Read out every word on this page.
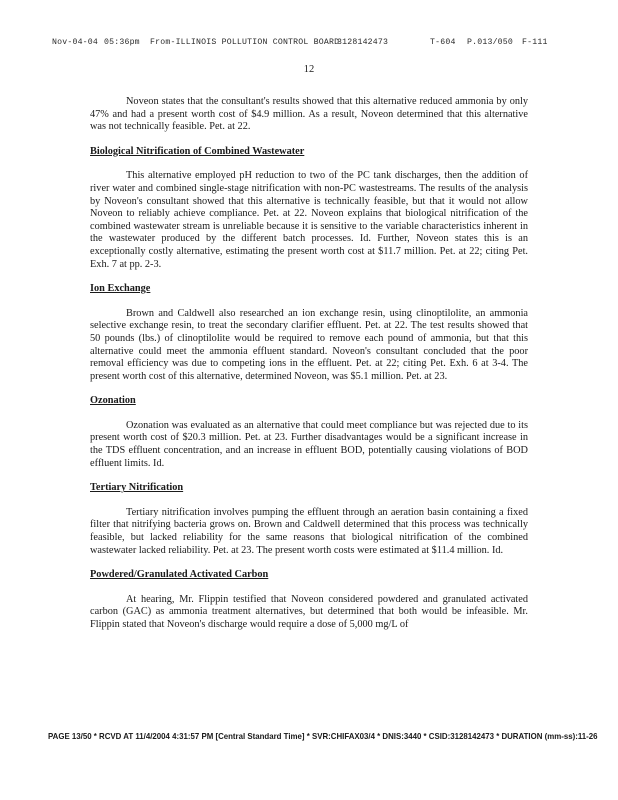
Nov-04-04 05:36pm From-ILLINOIS POLLUTION CONTROL BOARD
3128142473	T-604 P.013/050 F-111
12

Noveon states that the consultant's results showed that this alternative reduced ammonia by only 47% and had a present worth cost of $4.9 million. As a result, Noveon determined that this alternative was not technically feasible. Pet. at 22.

Biological Nitrification of Combined Wastewater

This alternative employed pH reduction to two of the PC tank discharges, then the addition of river water and combined single-stage nitrification with non-PC wastestreams. The results of the analysis by Noveon's consultant showed that this alternative is technically feasible, but that it would not allow Noveon to reliably achieve compliance. Pet. at 22. Noveon explains that biological nitrification of the combined wastewater stream is unreliable because it is sensitive to the variable characteristics inherent in the wastewater produced by the different batch processes. Id. Further, Noveon states this is an exceptionally costly alternative, estimating the present worth cost at $11.7 million. Pet. at 22; citing Pet. Exh. 7 at pp. 2-3.

Ion Exchange

Brown and Caldwell also researched an ion exchange resin, using clinoptilolite, an ammonia selective exchange resin, to treat the secondary clarifier effluent. Pet. at 22. The test results showed that 50 pounds (lbs.) of clinoptilolite would be required to remove each pound of ammonia, but that this alternative could meet the ammonia effluent standard. Noveon's consultant concluded that the poor removal efficiency was due to competing ions in the effluent. Pet. at 22; citing Pet. Exh. 6 at 3-4. The present worth cost of this alternative, determined Noveon, was $5.1 million. Pet. at 23.

Ozonation

Ozonation was evaluated as an alternative that could meet compliance but was rejected due to its present worth cost of $20.3 million. Pet. at 23. Further disadvantages would be a significant increase in the TDS effluent concentration, and an increase in effluent BOD, potentially causing violations of BOD effluent limits. Id.

Tertiary Nitrification

Tertiary nitrification involves pumping the effluent through an aeration basin containing a fixed filter that nitrifying bacteria grows on. Brown and Caldwell determined that this process was technically feasible, but lacked reliability for the same reasons that biological nitrification of the combined wastewater lacked reliability. Pet. at 23. The present worth costs were estimated at $11.4 million. Id.

Powdered/Granulated Activated Carbon

At hearing, Mr. Flippin testified that Noveon considered powdered and granulated activated carbon (GAC) as ammonia treatment alternatives, but determined that both would be infeasible. Mr. Flippin stated that Noveon's discharge would require a dose of 5,000 mg/L of

PAGE 13/50 * RCVD AT 11/4/2004 4:31:57 PM [Central Standard Time] * SVR:CHIFAX03/4 * DNIS:3440 * CSID:3128142473 * DURATION (mm-ss):11-26
